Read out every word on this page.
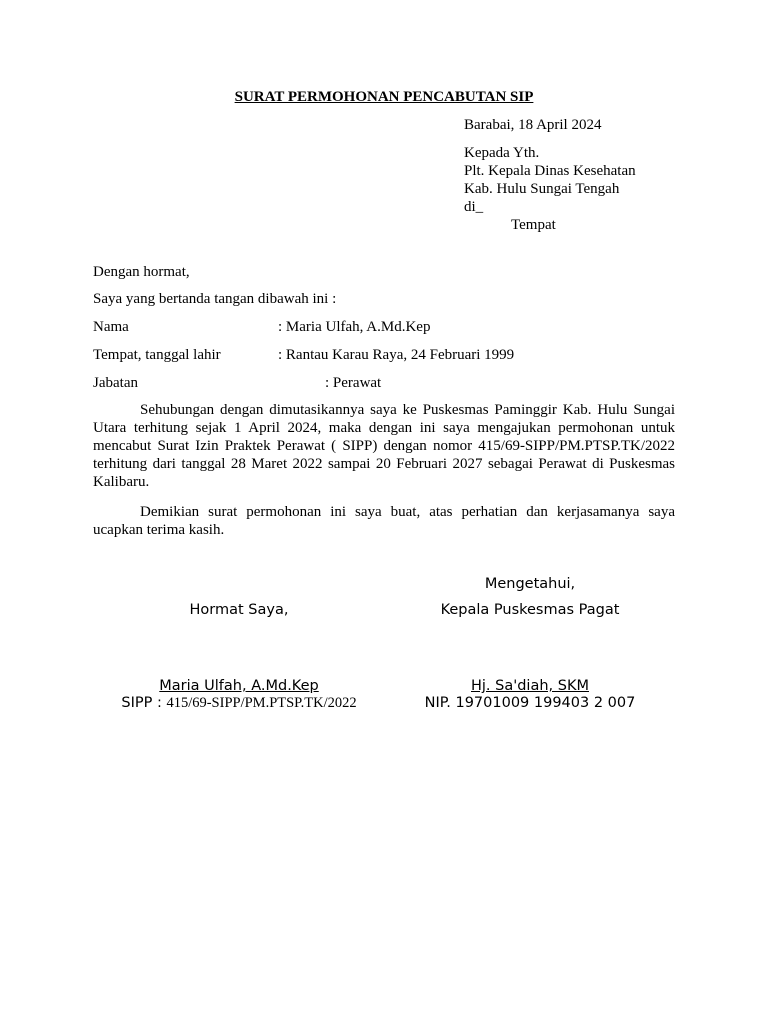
SURAT PERMOHONAN PENCABUTAN SIP
Barabai, 18 April 2024
Kepada Yth.
Plt. Kepala Dinas Kesehatan
Kab. Hulu Sungai Tengah
di_
Tempat
Dengan hormat,
Saya yang bertanda tangan dibawah ini :
Nama	: Maria Ulfah, A.Md.Kep
Tempat, tanggal lahir	: Rantau Karau Raya, 24 Februari 1999
Jabatan	: Perawat
Sehubungan dengan dimutasikannya saya ke Puskesmas Paminggir Kab. Hulu Sungai Utara terhitung sejak 1 April 2024, maka dengan ini saya mengajukan permohonan untuk mencabut Surat Izin Praktek Perawat ( SIPP) dengan nomor 415/69-SIPP/PM.PTSP.TK/2022 terhitung dari tanggal 28 Maret 2022 sampai 20 Februari 2027 sebagai Perawat di Puskesmas Kalibaru.
Demikian surat permohonan ini saya buat, atas perhatian dan kerjasamanya saya ucapkan terima kasih.
Hormat Saya,
Maria Ulfah, A.Md.Kep
SIPP : 415/69-SIPP/PM.PTSP.TK/2022
Mengetahui,
Kepala Puskesmas Pagat
Hj. Sa'diah, SKM
NIP. 19701009 199403 2 007
